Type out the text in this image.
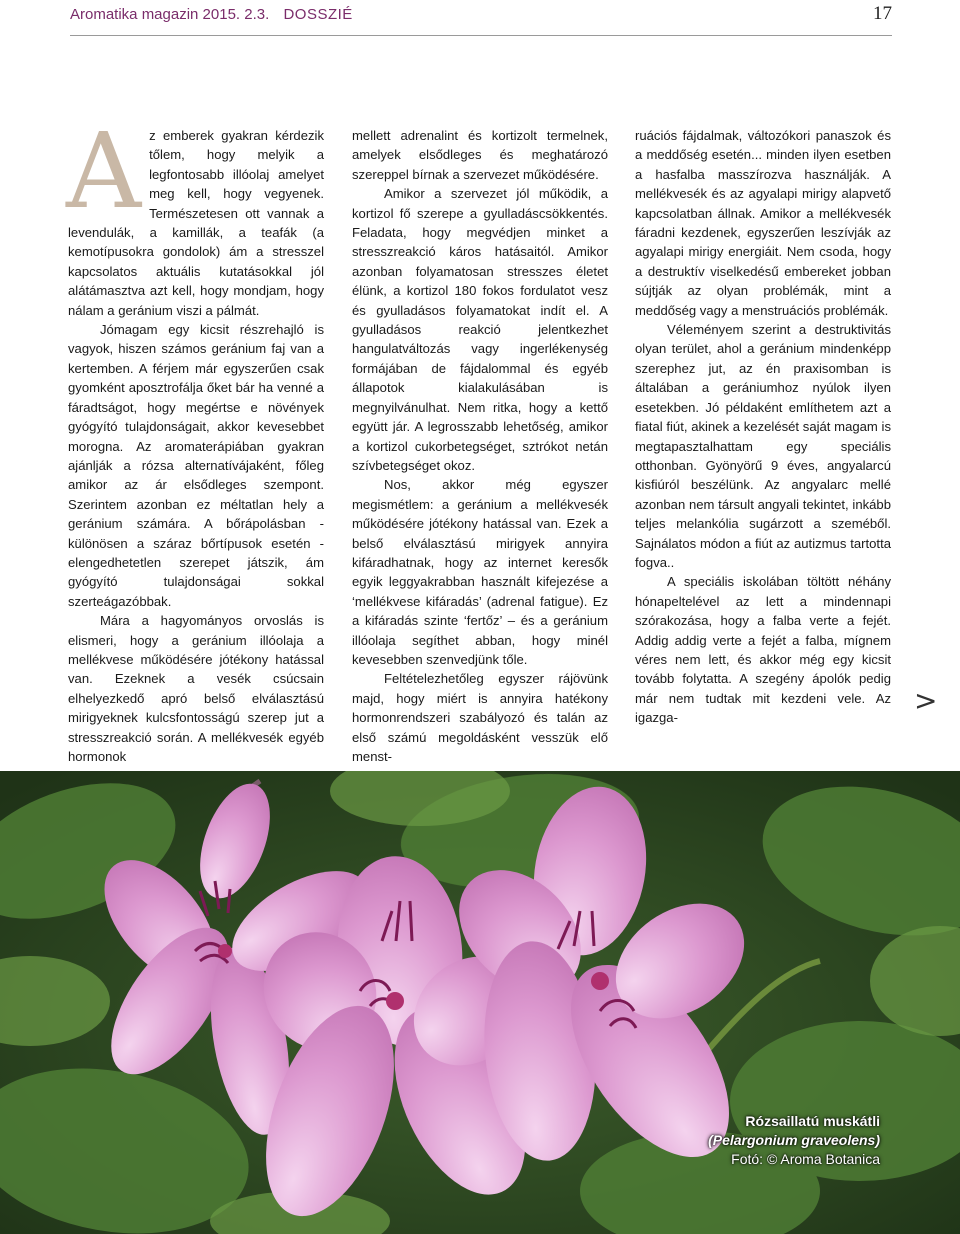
Aromatika magazin 2015. 2.3. DOSSZIÉ	17

Az emberek gyakran kérdezik tőlem, hogy melyik a legfontosabb illóolaj amelyet meg kell, hogy vegyenek. Természetesen ott vannak a levendulák, a kamillák, a teafák (a kemotípusokra gondolok) ám a stresszel kapcsolatos aktuális kutatásokkal jól alátámasztva azt kell, hogy mondjam, hogy nálam a geránium viszi a pálmát.

Jómagam egy kicsit részrehajló is vagyok, hiszen számos geránium faj van a kertemben. A férjem már egyszerűen csak gyomként aposztrofálja őket bár ha venné a fáradtságot, hogy megértse e növények gyógyító tulajdonságait, akkor kevesebbet morogna. Az aromaterápiában gyakran ajánlják a rózsa alternatívájaként, főleg amikor az ár elsődleges szempont. Szerintem azonban ez méltatlan hely a geránium számára. A bőrápolásban - különösen a száraz bőrtípusok esetén - elengedhetetlen szerepet játszik, ám gyógyító tulajdonságai sokkal szerteágazóbbak.

Mára a hagyományos orvoslás is elismeri, hogy a geránium illóolaja a mellékvese működésére jótékony hatással van. Ezeknek a vesék csúcsain elhelyezkedő apró belső elválasztású mirigyeknek kulcsfontosságú szerep jut a stresszreakció során. A mellékvesék egyéb hormonok

mellett adrenalint és kortizolt termelnek, amelyek elsődleges és meghatározó szereppel bírnak a szervezet működésére.

Amikor a szervezet jól működik, a kortizol fő szerepe a gyulladáscsökkentés. Feladata, hogy megvédjen minket a stresszreakció káros hatásaitól. Amikor azonban folyamatosan stresszes életet élünk, a kortizol 180 fokos fordulatot vesz és gyulladásos folyamatokat indít el. A gyulladásos reakció jelentkezhet hangulatváltozás vagy ingerlékenység formájában de fájdalommal és egyéb állapotok kialakulásában is megnyilvánulhat. Nem ritka, hogy a kettő együtt jár. A legrosszabb lehetőség, amikor a kortizol cukorbetegséget, sztrókot netán szívbetegséget okoz.

Nos, akkor még egyszer megismétlem: a geránium a mellékvesék működésére jótékony hatással van. Ezek a belső elválasztású mirigyek annyira kifáradhatnak, hogy az internet keresők egyik leggyakrabban használt kifejezése a ‘mellékvese kifáradás’ (adrenal fatigue). Ez a kifáradás szinte ‘fertőz’ – és a geránium illóolaja segíthet abban, hogy minél kevesebben szenvedjünk tőle.

Feltételezhetőleg egyszer rájövünk majd, hogy miért is annyira hatékony hormonrendszeri szabályozó és talán az első számú megoldásként vesszük elő menst-

ruációs fájdalmak, változókori panaszok és a meddőség esetén... minden ilyen esetben a hasfalba masszírozva használják. A mellékvesék és az agyalapi mirigy alapvető kapcsolatban állnak. Amikor a mellékvesék fáradni kezdenek, egyszerűen leszívják az agyalapi mirigy energiáit. Nem csoda, hogy a destruktív viselkedésű embereket jobban sújtják az olyan problémák, mint a meddőség vagy a menstruációs problémák.

Véleményem szerint a destruktivitás olyan terület, ahol a geránium mindenképp szerephez jut, az én praxisomban is általában a gerániumhoz nyúlok ilyen esetekben. Jó példaként említhetem azt a fiatal fiút, akinek a kezelését saját magam is megtapasztalhattam egy speciális otthonban. Gyönyörű 9 éves, angyalarcú kisfiúról beszélünk. Az angyalarc mellé azonban nem társult angyali tekintet, inkább teljes melankólia sugárzott a szeméből. Sajnálatos módon a fiút az autizmus tartotta fogva..

A speciális iskolában töltött néhány hónapeltelével az lett a mindennapi szórakozása, hogy a falba verte a fejét. Addig addig verte a fejét a falba, mígnem véres nem lett, és akkor még egy kicsit tovább folytatta. A szegény ápolók pedig már nem tudtak mit kezdeni vele. Az igazga-

>
Rózsaillatú muskátli
(Pelargonium graveolens)
Fotó: © Aroma Botanica
